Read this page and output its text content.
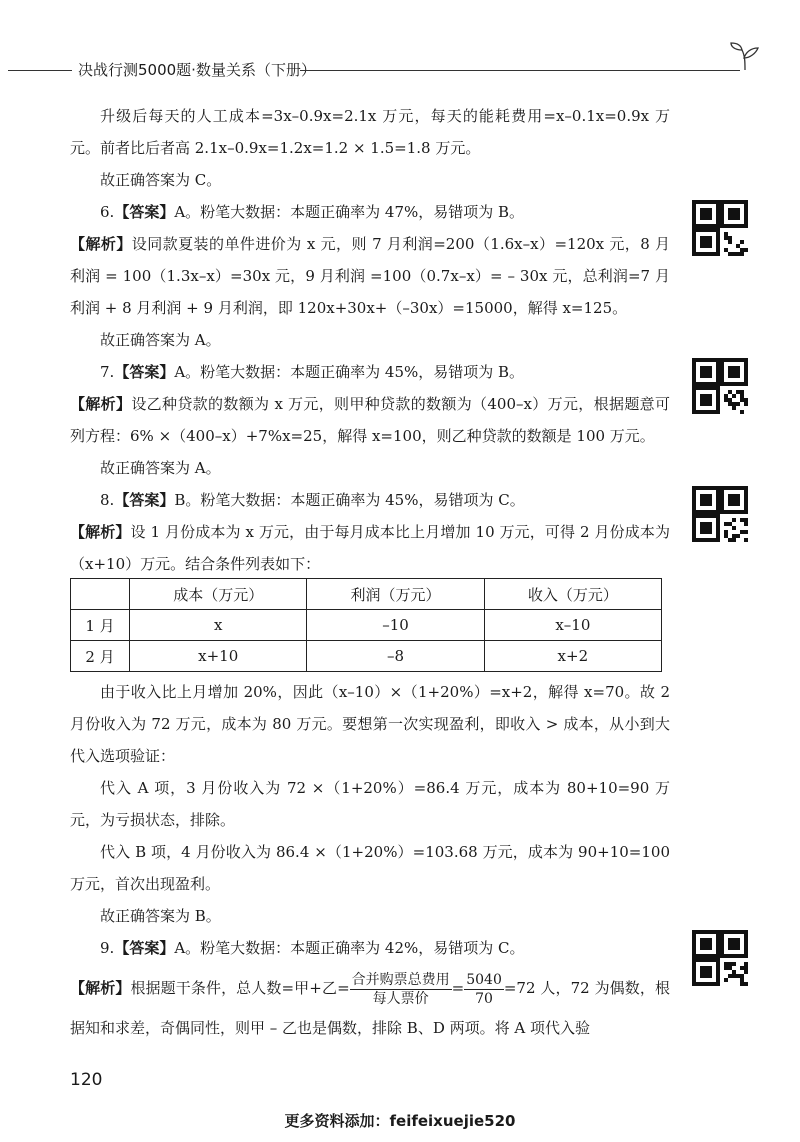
决战行测5000题·数量关系（下册）
升级后每天的人工成本=3x–0.9x=2.1x 万元，每天的能耗费用=x–0.1x=0.9x 万元。前者比后者高 2.1x–0.9x=1.2x=1.2 × 1.5=1.8 万元。
故正确答案为 C。
6.【答案】A。粉笔大数据：本题正确率为 47%，易错项为 B。
【解析】设同款夏装的单件进价为 x 元，则 7 月利润=200（1.6x–x）=120x 元，8 月利润 = 100（1.3x–x）=30x 元，9 月利润 =100（0.7x–x）= – 30x 元，总利润=7 月利润 + 8 月利润 + 9 月利润，即 120x+30x+（–30x）=15000，解得 x=125。
故正确答案为 A。
7.【答案】A。粉笔大数据：本题正确率为 45%，易错项为 B。
【解析】设乙种贷款的数额为 x 万元，则甲种贷款的数额为（400–x）万元，根据题意可列方程：6% ×（400–x）+7%x=25，解得 x=100，则乙种贷款的数额是 100 万元。
故正确答案为 A。
8.【答案】B。粉笔大数据：本题正确率为 45%，易错项为 C。
【解析】设 1 月份成本为 x 万元，由于每月成本比上月增加 10 万元，可得 2 月份成本为（x+10）万元。结合条件列表如下：
	成本（万元）	利润（万元）	收入（万元）
1 月	x	–10	x–10
2 月	x+10	–8	x+2
由于收入比上月增加 20%，因此（x–10）×（1+20%）=x+2，解得 x=70。故 2 月份收入为 72 万元，成本为 80 万元。要想第一次实现盈利，即收入 > 成本，从小到大代入选项验证：
代入 A 项，3 月份收入为 72 ×（1+20%）=86.4 万元，成本为 80+10=90 万元，为亏损状态，排除。
代入 B 项，4 月份收入为 86.4 ×（1+20%）=103.68 万元，成本为 90+10=100 万元，首次出现盈利。
故正确答案为 B。
9.【答案】A。粉笔大数据：本题正确率为 42%，易错项为 C。
【解析】根据题干条件，总人数=甲+乙= $\frac{\text{合并购票总费用}}{\text{每人票价}} = \frac{5040}{70} =72$ 人，72 为偶数，根据知和求差，奇偶同性，则甲 – 乙也是偶数，排除 B、D 两项。将 A 项代入验
120
更多资料添加：feifeixuejie520
